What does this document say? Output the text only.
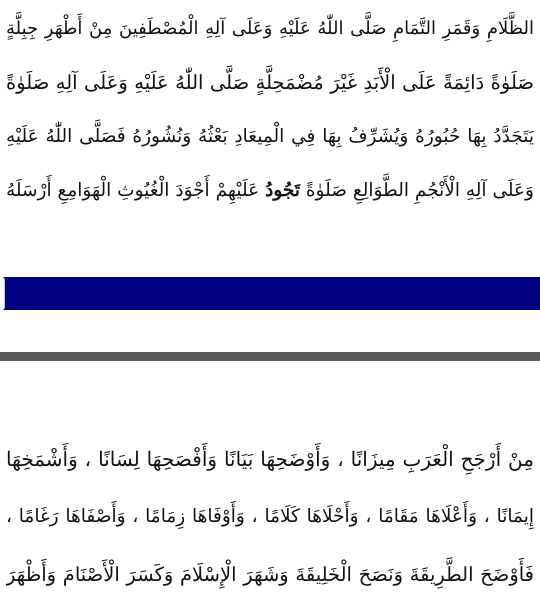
الظَّلَامِ وَقَمَرِ التَّمَامِ صَلَّى اللّٰهُ عَلَيْهِ وَعَلَى آلِهِ الْمُصْطَفِينَ مِنْ أَطْهَرِ جِبِلَّةٍ
صَلَوٰةً دَائِمَةً عَلَى الْأَبَدِ غَيْرَ مُضْمَحِلَّةٍ صَلَّى اللّٰهُ عَلَيْهِ وَعَلَى آلِهِ صَلَوٰةً
يَتَجَدَّدُ بِهَا حُبُورُهُ وَيُشَرِّفُ بِهَا فِي الْمِيعَادِ بَعْثُهُ وَنُشُورُهُ فَصَلَّى اللّٰهُ عَلَيْهِ
وَعَلَى آلِهِ الْأَنْجُمِ الطَّوَالِعِ صَلَوٰةً تَجُودُ عَلَيْهِمْ أَجْوَدَ الْغُيُوثِ الْهَوَامِعِ أَرْسَلَهُ
مِنْ أَرْجَحِ الْعَرَبِ مِيزَانًا ، وَأَوْضَحِهَا بَيَانًا وَأَفْصَحِهَا لِسَانًا ، وَأَشْمَخِهَا
إِيمَانًا ، وَأَعْلَاهَا مَقَامًا ، وَأَحْلَاهَا كَلَامًا ، وَأَوْفَاهَا زِمَامًا ، وَأَصْفَاهَا رَغَامًا ،
فَأَوْضَحَ الطَّرِيقَةَ وَنَصَحَ الْخَلِيقَةَ وَشَهَرَ الْإِسْلَامَ وَكَسَرَ الْأَصْنَامَ وَأَظْهَرَ
